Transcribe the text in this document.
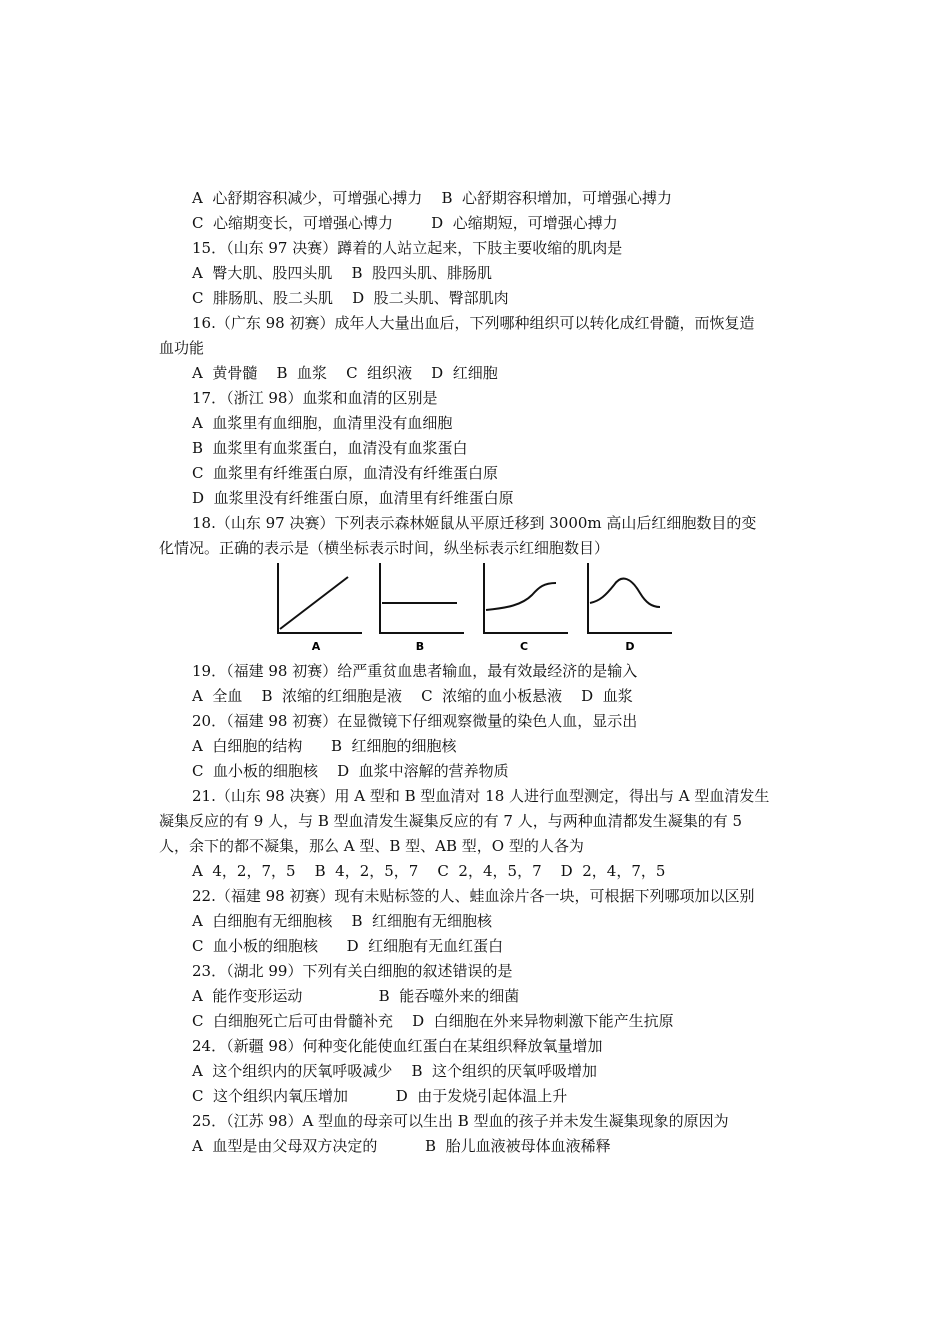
A  心舒期容积减少，可增强心搏力    B  心舒期容积增加，可增强心搏力
C  心缩期变长，可增强心博力        D  心缩期短，可增强心搏力
15．（山东 97 决赛）蹲着的人站立起来，下肢主要收缩的肌肉是
A  臀大肌、股四头肌    B  股四头肌、腓肠肌
C  腓肠肌、股二头肌    D  股二头肌、臀部肌肉
16.（广东 98 初赛）成年人大量出血后，下列哪种组织可以转化成红骨髓，而恢复造
血功能
A  黄骨髓    B  血浆    C  组织液    D  红细胞
17．（浙江 98）血浆和血清的区别是
A  血浆里有血细胞，血清里没有血细胞
B  血浆里有血浆蛋白，血清没有血浆蛋白
C  血浆里有纤维蛋白原，血清没有纤维蛋白原
D  血浆里没有纤维蛋白原，血清里有纤维蛋白原
18.（山东 97 决赛）下列表示森林姬鼠从平原迁移到 3000m 高山后红细胞数目的变
化情况。正确的表示是（横坐标表示时间，纵坐标表示红细胞数目）
A	B	C	D
19．（福建 98 初赛）给严重贫血患者输血，最有效最经济的是输入
A  全血    B  浓缩的红细胞是液    C  浓缩的血小板悬液    D  血浆
20．（福建 98 初赛）在显微镜下仔细观察微量的染色人血，显示出
A  白细胞的结构      B  红细胞的细胞核
C  血小板的细胞核    D  血浆中溶解的营养物质
21.（山东 98 决赛）用 A 型和 B 型血清对 18 人进行血型测定，得出与 A 型血清发生
凝集反应的有 9 人，与 B 型血清发生凝集反应的有 7 人，与两种血清都发生凝集的有 5
人，余下的都不凝集，那么 A 型、B 型、AB 型，O 型的人各为
A  4，2，7，5    B  4，2，5，7    C  2，4，5，7    D  2，4，7，5
22.（福建 98 初赛）现有未贴标签的人、蛙血涂片各一块，可根据下列哪项加以区别
A  白细胞有无细胞核    B  红细胞有无细胞核
C  血小板的细胞核      D  红细胞有无血红蛋白
23．（湖北 99）下列有关白细胞的叙述错误的是
A  能作变形运动                B  能吞噬外来的细菌
C  白细胞死亡后可由骨髓补充    D  白细胞在外来异物刺激下能产生抗原
24．（新疆 98）何种变化能使血红蛋白在某组织释放氧量增加
A  这个组织内的厌氧呼吸减少    B  这个组织的厌氧呼吸增加
C  这个组织内氧压增加          D  由于发烧引起体温上升
25．（江苏 98）A 型血的母亲可以生出 B 型血的孩子并未发生凝集现象的原因为
A  血型是由父母双方决定的          B  胎儿血液被母体血液稀释
